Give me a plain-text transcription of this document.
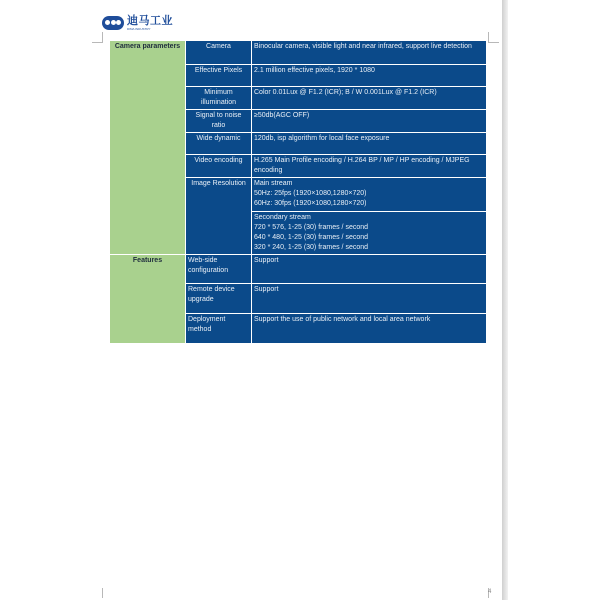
迪马工业
DIMA INDUSTRY
Camera parameters	Camera	Binocular camera, visible light and near infrared, support live detection
	Effective Pixels	2.1 million effective pixels, 1920 * 1080
	Minimum illumination	Color 0.01Lux @ F1.2 (ICR); B / W 0.001Lux @ F1.2 (ICR)
	Signal to noise ratio	≥50db(AGC OFF)
	Wide dynamic	120db, isp algorithm for local face exposure
	Video encoding	H.265 Main Profile encoding / H.264 BP / MP / HP encoding / MJPEG encoding
	Image Resolution	Main stream
50Hz: 25fps (1920×1080,1280×720)
60Hz: 30fps (1920×1080,1280×720)

		Secondary stream
720 * 576, 1-25 (30) frames / second
640 * 480, 1-25 (30) frames / second
320 * 240, 1-25 (30) frames / second

Features	Web-side configuration	Support
	Remote device upgrade	Support
	Deployment method	Support the use of public network and local area network
4
